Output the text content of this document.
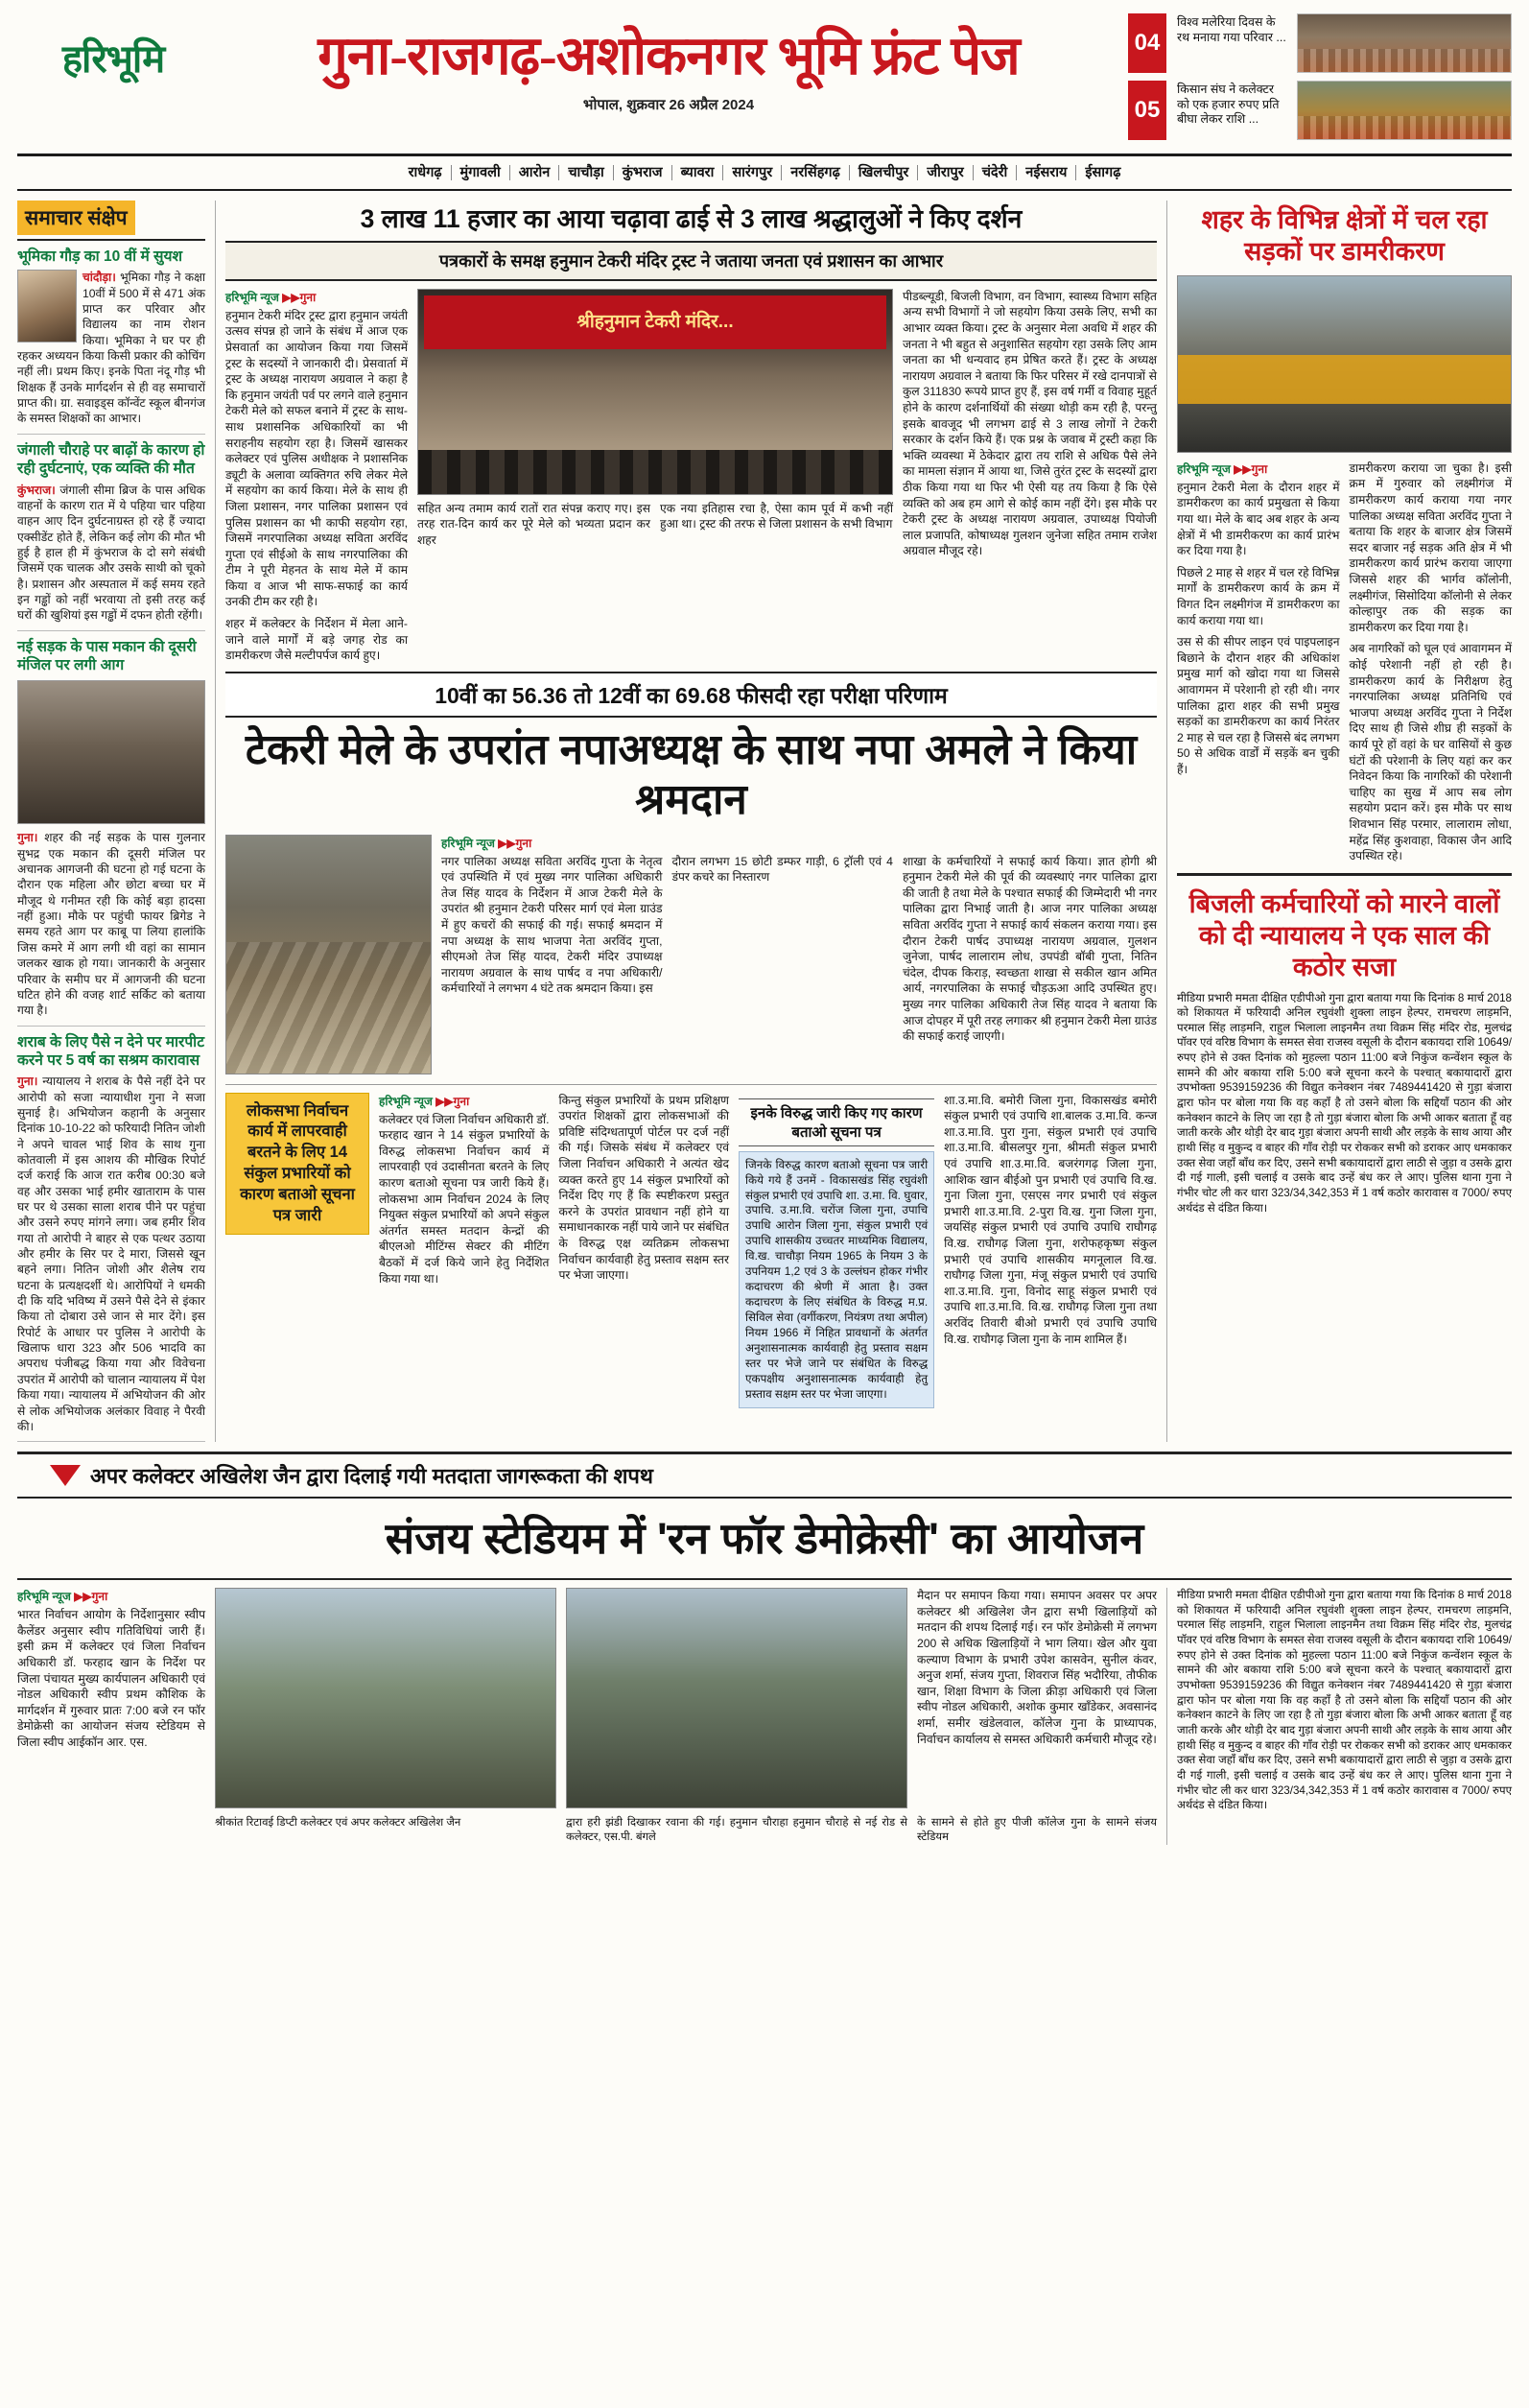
हरिभूमि	गुना-राजगढ़-अशोकनगर भूमि फ्रंट पेज
भोपाल, शुक्रवार 26 अप्रैल 2024
04
विश्व मलेरिया दिवस के रथ मनाया गया परिवार ...
05
किसान संघ ने कलेक्टर को एक हजार रुपए प्रति बीघा लेकर राशि ...
राधेगढ़ मुंगावली आरोन चाचौड़ा कुंभराज ब्यावरा सारंगपुर नरसिंहगढ़ खिलचीपुर जीरापुर चंदेरी नईसराय ईसागढ़
समाचार संक्षेप
भूमिका गौड़ का 10 वीं में सुयश

चांदौड़ा। भूमिका गौड़ ने कक्षा 10वीं में 500 में से 471 अंक प्राप्त कर परिवार और विद्यालय का नाम रोशन किया। भूमिका ने घर पर ही रहकर अध्ययन किया किसी प्रकार की कोचिंग नहीं ली। प्रथम किए। इनके पिता नंदू गौड़ भी शिक्षक हैं उनके मार्गदर्शन से ही वह समाचारों प्राप्त की। ग्रा. सवाइड्स कॉन्वेंट स्कूल बीनगंज के समस्त शिक्षकों का आभार।

जंगाली चौराहे पर बाढ़ों के कारण हो रही दुर्घटनाएं, एक व्यक्ति की मौत

कुंभराज। जंगाली सीमा ब्रिज के पास अधिक वाहनों के कारण रात में ये पहिया चार पहिया वाहन आए दिन दुर्घटनाग्रस्त हो रहे हैं ज्यादा एक्सीडेंट होते हैं, लेकिन कई लोग की मौत भी हुई है हाल ही में कुंभराज के दो सगे संबंधी जिसमें एक चालक और उसके साथी को चूको है। प्रशासन और अस्पताल में कई समय रहते इन गड्ढों को नहीं भरवाया तो इसी तरह कई घरों की खुशियां इस गड्ढों में दफन होती रहेंगी।

नई सड़क के पास मकान की दूसरी मंजिल पर लगी आग

गुना। शहर की नई सड़क के पास गुलनार सुभद्र एक मकान की दूसरी मंजिल पर अचानक आगजनी की घटना हो गई घटना के दौरान एक महिला और छोटा बच्चा घर में मौजूद थे गनीमत रही कि कोई बड़ा हादसा नहीं हुआ। मौके पर पहुंची फायर ब्रिगेड ने समय रहते आग पर काबू पा लिया हालांकि जिस कमरे में आग लगी थी वहां का सामान जलकर खाक हो गया। जानकारी के अनुसार परिवार के समीप घर में आगजनी की घटना घटित होने की वजह शार्ट सर्किट को बताया गया है।

शराब के लिए पैसे न देने पर मारपीट करने पर 5 वर्ष का सश्रम कारावास

गुना। न्यायालय ने शराब के पैसे नहीं देने पर आरोपी को सजा न्यायाधीश गुना ने सजा सुनाई है। अभियोजन कहानी के अनुसार दिनांक 10-10-22 को फरियादी नितिन जोशी ने अपने चावल भाई शिव के साथ गुना कोतवाली में इस आशय की मौखिक रिपोर्ट दर्ज कराई कि आज रात करीब 00:30 बजे वह और उसका भाई हमीर खाताराम के पास घर पर थे उसका साला शराब पीने पर पहुंचा और उसने रुपए मांगने लगा। जब हमीर शिव गया तो आरोपी ने बाहर से एक पत्थर उठाया और हमीर के सिर पर दे मारा, जिससे खून बहने लगा। नितिन जोशी और शैलेष राय घटना के प्रत्यक्षदर्शी थे। आरोपियों ने धमकी दी कि यदि भविष्य में उसने पैसे देने से इंकार किया तो दोबारा उसे जान से मार देंगे। इस रिपोर्ट के आधार पर पुलिस ने आरोपी के खिलाफ धारा 323 और 506 भादवि का अपराध पंजीबद्ध किया गया और विवेचना उपरांत में आरोपी को चालान न्यायालय में पेश किया गया। न्यायालय में अभियोजन की ओर से लोक अभियोजक अलंकार विवाह ने पैरवी की।

3 लाख 11 हजार का आया चढ़ावा ढाई से 3 लाख श्रद्धालुओं ने किए दर्शन
पत्रकारों के समक्ष हनुमान टेकरी मंदिर ट्रस्ट ने जताया जनता एवं प्रशासन का आभार
हरिभूमि न्यूज ▶▶गुना
हनुमान टेकरी मंदिर ट्रस्ट द्वारा हनुमान जयंती उत्सव संपन्न हो जाने के संबंध में आज एक प्रेसवार्ता का आयोजन किया गया जिसमें ट्रस्ट के सदस्यों ने जानकारी दी। प्रेसवार्ता में ट्रस्ट के अध्यक्ष नारायण अग्रवाल ने कहा है कि हनुमान जयंती पर्व पर लगने वाले हनुमान टेकरी मेले को सफल बनाने में ट्रस्ट के साथ-साथ प्रशासनिक अधिकारियों का भी सराहनीय सहयोग रहा है। जिसमें खासकर कलेक्टर एवं पुलिस अधीक्षक ने प्रशासनिक ड्यूटी के अलावा व्यक्तिगत रुचि लेकर मेले में सहयोग का कार्य किया। मेले के साथ ही जिला प्रशासन, नगर पालिका प्रशासन एवं पुलिस प्रशासन का भी काफी सहयोग रहा, जिसमें नगरपालिका अध्यक्ष सविता अरविंद गुप्ता एवं सीईओ के साथ नगरपालिका की टीम ने पूरी मेहनत के साथ मेले में काम किया व आज भी साफ-सफाई का कार्य उनकी टीम कर रही है।
शहर में कलेक्टर के निर्देशन में मेला आने-जाने वाले मार्गों में बड़े जगह रोड का डामरीकरण जैसे मल्टीपर्पज कार्य हुए।
श्रीहनुमान टेकरी मंदिर...
सहित अन्य तमाम कार्य रातों रात संपन्न कराए गए। इस तरह रात-दिन कार्य कर पूरे मेले को भव्यता प्रदान कर शहर
एक नया इतिहास रचा है, ऐसा काम पूर्व में कभी नहीं हुआ था। ट्रस्ट की तरफ से जिला प्रशासन के सभी विभाग
पीडब्ल्यूडी, बिजली विभाग, वन विभाग, स्वास्थ्य विभाग सहित अन्य सभी विभागों ने जो सहयोग किया उसके लिए, सभी का आभार व्यक्त किया। ट्रस्ट के अनुसार मेला अवधि में शहर की जनता ने भी बहुत से अनुशासित सहयोग रहा उसके लिए आम जनता का भी धन्यवाद हम प्रेषित करते हैं। ट्रस्ट के अध्यक्ष नारायण अग्रवाल ने बताया कि फिर परिसर में रखे दानपात्रों से कुल 311830 रूपये प्राप्त हुए हैं, इस वर्ष गर्मी व विवाह मुहूर्त होने के कारण दर्शनार्थियों की संख्या थोड़ी कम रही है, परन्तु इसके बावजूद भी लगभग ढाई से 3 लाख लोगों ने टेकरी सरकार के दर्शन किये हैं। एक प्रश्न के जवाब में ट्रस्टी कहा कि भक्ति व्यवस्था में ठेकेदार द्वारा तय राशि से अधिक पैसे लेने का मामला संज्ञान में आया था, जिसे तुरंत ट्रस्ट के सदस्यों द्वारा ठीक किया गया था फिर भी ऐसी यह तय किया है कि ऐसे व्यक्ति को अब हम आगे से कोई काम नहीं देंगे। इस मौके पर टेकरी ट्रस्ट के अध्यक्ष नारायण अग्रवाल, उपाध्यक्ष पियोजी लाल प्रजापति, कोषाध्यक्ष गुलशन जुनेजा सहित तमाम राजेश अग्रवाल मौजूद रहे।
10वीं का 56.36 तो 12वीं का 69.68 फीसदी रहा परीक्षा परिणाम
टेकरी मेले के उपरांत नपाअध्यक्ष के साथ नपा अमले ने किया श्रमदान
हरिभूमि न्यूज ▶▶गुना
नगर पालिका अध्यक्ष सविता अरविंद गुप्ता के नेतृत्व एवं उपस्थिति में एवं मुख्य नगर पालिका अधिकारी तेज सिंह यादव के निर्देशन में आज टेकरी मेले के उपरांत श्री हनुमान टेकरी परिसर मार्ग एवं मेला ग्राउंड में हुए कचरों की सफाई की गई। सफाई श्रमदान में नपा अध्यक्ष के साथ भाजपा नेता अरविंद गुप्ता, सीएमओ तेज सिंह यादव, टेकरी मंदिर उपाध्यक्ष नारायण अग्रवाल के साथ पार्षद व नपा अधिकारी/कर्मचारियों ने लगभग 4 घंटे तक श्रमदान किया। इस
दौरान लगभग 15 छोटी डम्फर गाड़ी, 6 ट्रॉली एवं 4 डंपर कचरे का निस्तारण
शाखा के कर्मचारियों ने सफाई कार्य किया। ज्ञात होगी श्री हनुमान टेकरी मेले की पूर्व की व्यवस्थाएं नगर पालिका द्वारा की जाती है तथा मेले के पश्चात सफाई की जिम्मेदारी भी नगर पालिका द्वारा निभाई जाती है। आज नगर पालिका अध्यक्ष सविता अरविंद गुप्ता ने सफाई कार्य संकलन कराया गया। इस दौरान टेकरी पार्षद उपाध्यक्ष नारायण अग्रवाल, गुलशन जुनेजा, पार्षद लालाराम लोध, उपपंडी बॉबी गुप्ता, नितिन चंदेल, दीपक किराड़, स्वच्छता शाखा से सकील खान अमित आर्य, नगरपालिका के सफाई चौड़ऊआ आदि उपस्थित हुए। मुख्य नगर पालिका अधिकारी तेज सिंह यादव ने बताया कि आज दोपहर में पूरी तरह लगाकर श्री हनुमान टेकरी मेला ग्राउंड की सफाई कराई जाएगी।
लोकसभा निर्वाचन कार्य में लापरवाही बरतने के लिए 14 संकुल प्रभारियों को कारण बताओ सूचना पत्र जारी
हरिभूमि न्यूज ▶▶गुना
कलेक्टर एवं जिला निर्वाचन अधिकारी डॉ. फरहाद खान ने 14 संकुल प्रभारियों के विरुद्ध लोकसभा निर्वाचन कार्य में लापरवाही एवं उदासीनता बरतने के लिए कारण बताओ सूचना पत्र जारी किये हैं। लोकसभा आम निर्वाचन 2024 के लिए नियुक्त संकुल प्रभारियों को अपने संकुल अंतर्गत समस्त मतदान केन्द्रों की बीएलओ मीटिंग्स सेक्टर की मीटिंग बैठकों में दर्ज किये जाने हेतु निर्देशित किया गया था।
किन्तु संकुल प्रभारियों के प्रथम प्रशिक्षण उपरांत शिक्षकों द्वारा लोकसभाओं की प्रविष्टि संदिग्धतापूर्ण पोर्टल पर दर्ज नहीं की गई। जिसके संबंध में कलेक्टर एवं जिला निर्वाचन अधिकारी ने अत्यंत खेद व्यक्त करते हुए 14 संकुल प्रभारियों को निर्देश दिए गए हैं कि स्पष्टीकरण प्रस्तुत करने के उपरांत प्रावधान नहीं होने या समाधानकारक नहीं पाये जाने पर संबंधित के विरुद्ध एक्ष व्यतिक्रम लोकसभा निर्वाचन कार्यवाही हेतु प्रस्ताव सक्षम स्तर पर भेजा जाएगा।
इनके विरुद्ध जारी किए गए कारण बताओ सूचना पत्र
जिनके विरुद्ध कारण बताओ सूचना पत्र जारी किये गये हैं उनमें - विकासखंड सिंह रघुवंशी संकुल प्रभारी एवं उपाचि शा. उ.मा. वि. घुवार, उपाचि. उ.मा.वि. चरोंज जिला गुना, उपाचि उपाधि आरोन जिला गुना, संकुल प्रभारी एवं उपाचि शासकीय उच्चतर माध्यमिक विद्यालय, वि.ख. चाचौड़ा नियम 1965 के नियम 3 के उपनियम 1,2 एवं 3 के उल्लंघन होकर गंभीर कदाचरण की श्रेणी में आता है। उक्त कदाचरण के लिए संबंधित के विरुद्ध म.प्र. सिविल सेवा (वर्गीकरण, नियंत्रण तथा अपील) नियम 1966 में निहित प्रावधानों के अंतर्गत अनुशासनात्मक कार्यवाही हेतु प्रस्ताव सक्षम स्तर पर भेजे जाने पर संबंधित के विरुद्ध एकपक्षीय अनुशासनात्मक कार्यवाही हेतु प्रस्ताव सक्षम स्तर पर भेजा जाएगा।
शा.उ.मा.वि. बमोरी जिला गुना, विकासखंड बमोरी संकुल प्रभारी एवं उपाचि शा.बालक उ.मा.वि. कन्ज शा.उ.मा.वि. पुरा गुना, संकुल प्रभारी एवं उपाचि शा.उ.मा.वि. बीसलपुर गुना, श्रीमती संकुल प्रभारी एवं उपाचि शा.उ.मा.वि. बजरंगगढ़ जिला गुना, आशिक खान बीईओ पुन प्रभारी एवं उपाचि वि.ख. गुना जिला गुना, एसएस नगर प्रभारी एवं संकुल प्रभारी शा.उ.मा.वि. 2-पुरा वि.ख. गुना जिला गुना, जयसिंह संकुल प्रभारी एवं उपाचि उपाधि राघौगढ़ वि.ख. राघौगढ़ जिला गुना, शरोफहकृष्ण संकुल प्रभारी एवं उपाचि शासकीय मगनूलाल वि.ख. राघौगढ़ जिला गुना, मंजू संकुल प्रभारी एवं उपाधि शा.उ.मा.वि. गुना, विनोद साहू संकुल प्रभारी एवं उपाचि शा.उ.मा.वि. वि.ख. राघौगढ़ जिला गुना तथा अरविंद तिवारी बीओ प्रभारी एवं उपाचि उपाधि वि.ख. राघौगढ़ जिला गुना के नाम शामिल हैं।
शहर के विभिन्न क्षेत्रों में चल रहा सड़कों पर डामरीकरण
हरिभूमि न्यूज ▶▶गुना
हनुमान टेकरी मेला के दौरान शहर में डामरीकरण का कार्य प्रमुखता से किया गया था। मेले के बाद अब शहर के अन्य क्षेत्रों में भी डामरीकरण का कार्य प्रारंभ कर दिया गया है।
पिछले 2 माह से शहर में चल रहे विभिन्न मार्गों के डामरीकरण कार्य के क्रम में विगत दिन लक्ष्मीगंज में डामरीकरण का कार्य कराया गया था।
उस से की सीपर लाइन एवं पाइपलाइन बिछाने के दौरान शहर की अधिकांश प्रमुख मार्ग को खोदा गया था जिससे आवागमन में परेशानी हो रही थी। नगर पालिका द्वारा शहर की सभी प्रमुख सड़कों का डामरीकरण का कार्य निरंतर 2 माह से चल रहा है जिससे बंद लगभग 50 से अधिक वार्डों में सड़कें बन चुकी हैं।
डामरीकरण कराया जा चुका है। इसी क्रम में गुरुवार को लक्ष्मीगंज में डामरीकरण कार्य कराया गया नगर पालिका अध्यक्ष सविता अरविंद गुप्ता ने बताया कि शहर के बाजार क्षेत्र जिसमें सदर बाजार नई सड़क अति क्षेत्र में भी डामरीकरण कार्य प्रारंभ कराया जाएगा जिससे शहर की भार्गव कॉलोनी, लक्ष्मीगंज, सिसोदिया कॉलोनी से लेकर कोल्हापुर तक की सड़क का डामरीकरण कर दिया गया है।
अब नागरिकों को घूल एवं आवागमन में कोई परेशानी नहीं हो रही है। डामरीकरण कार्य के निरीक्षण हेतु नगरपालिका अध्यक्ष प्रतिनिधि एवं भाजपा अध्यक्ष अरविंद गुप्ता ने निर्देश दिए साथ ही जिसे शीघ्र ही सड़कों के कार्य पूरे हों वहां के घर वासियों से कुछ घंटों की परेशानी के लिए यहां कर कर निवेदन किया कि नागरिकों की परेशानी चाहिए का सुख में आप सब लोग सहयोग प्रदान करें। इस मौके पर साथ शिवभान सिंह परमार, लालाराम लोधा, महेंद्र सिंह कुशवाहा, विकास जैन आदि उपस्थित रहे।
बिजली कर्मचारियों को मारने वालों को दी न्यायालय ने एक साल की कठोर सजा
मीडिया प्रभारी ममता दीक्षित एडीपीओ गुना द्वारा बताया गया कि दिनांक 8 मार्च 2018 को शिकायत में फरियादी अनिल रघुवंशी शुक्ला लाइन हेल्पर, रामचरण लाड़मनि, परमाल सिंह लाड़मनि, राहुल भिलाला लाइनमैन तथा विक्रम सिंह मंदिर रोड, मुलचंद्र पॉवर एवं वरिष्ठ विभाग के समस्त सेवा राजस्व वसूली के दौरान बकायदा राशि 10649/ रुपए होने से उक्त दिनांक को मुहल्ला पठान 11:00 बजे निकुंज कन्वेंशन स्कूल के सामने की ओर बकाया राशि 5:00 बजे सूचना करने के पश्चात् बकायादारों द्वारा उपभोक्ता 9539159236 की विद्युत कनेक्शन नंबर 7489441420 से गुड़ा बंजारा द्वारा फोन पर बोला गया कि वह कहाँ है तो उसने बोला कि सद्दियाँ पठान की ओर कनेक्शन काटने के लिए जा रहा है तो गुड़ा बंजारा बोला कि अभी आकर बताता हूँ वह जाती करके और थोड़ी देर बाद गुड़ा बंजारा अपनी साथी और लड़के के साथ आया और हाथी सिंह व मुकुन्द व बाहर की गाँव रोड़ी पर रोककर सभी को डराकर आए धमकाकर उक्त सेवा जहाँ बाँध कर दिए, उसने सभी बकायादारों द्वारा लाठी से जुड़ा व उसके द्वारा दी गई गाली, इसी चलाई व उसके बाद उन्हें बंध कर ले आए। पुलिस थाना गुना ने गंभीर चोट ली कर धारा 323/34,342,353 में 1 वर्ष कठोर कारावास व 7000/ रुपए अर्थदंड से दंडित किया।
अपर कलेक्टर अखिलेश जैन द्वारा दिलाई गयी मतदाता जागरूकता की शपथ
संजय स्टेडियम में 'रन फॉर डेमोक्रेसी' का आयोजन
हरिभूमि न्यूज ▶▶गुना
भारत निर्वाचन आयोग के निर्देशानुसार स्वीप कैलेंडर अनुसार स्वीप गतिविधियां जारी हैं। इसी क्रम में कलेक्टर एवं जिला निर्वाचन अधिकारी डॉ. फरहाद खान के निर्देश पर जिला पंचायत मुख्य कार्यपालन अधिकारी एवं नोडल अधिकारी स्वीप प्रथम कौशिक के मार्गदर्शन में गुरुवार प्रातः 7:00 बजे रन फॉर डेमोक्रेसी का आयोजन संजय स्टेडियम से जिला स्वीप आईकॉन आर. एस.
मैदान पर समापन किया गया। समापन अवसर पर अपर कलेक्टर श्री अखिलेश जैन द्वारा सभी खिलाड़ियों को मतदान की शपथ दिलाई गई। रन फॉर डेमोक्रेसी में लगभग 200 से अधिक खिलाड़ियों ने भाग लिया। खेल और युवा कल्याण विभाग के प्रभारी उपेश कासवेन, सुनील कंवर, अनुज शर्मा, संजय गुप्ता, शिवराज सिंह भदौरिया, तौफीक खान, शिक्षा विभाग के जिला क्रीड़ा अधिकारी एवं जिला स्वीप नोडल अधिकारी, अशोक कुमार खाँडेकर, अवसानंद शर्मा, समीर खंडेलवाल, कॉलेज गुना के प्राध्यापक, निर्वाचन कार्यालय से समस्त अधिकारी कर्मचारी मौजूद रहे।
श्रीकांत रिटावई डिप्टी कलेक्टर एवं अपर कलेक्टर अखिलेश जैन	द्वारा हरी झंडी दिखाकर रवाना की गई। हनुमान चौराहा हनुमान चौराहे से नई रोड से कलेक्टर, एस.पी. बंगले
के सामने से होते हुए पीजी कॉलेज गुना के सामने संजय स्टेडियम
मीडिया प्रभारी ममता दीक्षित एडीपीओ गुना द्वारा बताया गया कि दिनांक 8 मार्च 2018 को शिकायत में फरियादी अनिल रघुवंशी शुक्ला लाइन हेल्पर, रामचरण लाड़मनि, परमाल सिंह लाड़मनि, राहुल भिलाला लाइनमैन तथा विक्रम सिंह मंदिर रोड, मुलचंद्र पॉवर एवं वरिष्ठ विभाग के समस्त सेवा राजस्व वसूली के दौरान बकायदा राशि 10649/ रुपए होने से उक्त दिनांक को मुहल्ला पठान 11:00 बजे निकुंज कन्वेंशन स्कूल के सामने की ओर बकाया राशि 5:00 बजे सूचना करने के पश्चात् बकायादारों द्वारा उपभोक्ता 9539159236 की विद्युत कनेक्शन नंबर 7489441420 से गुड़ा बंजारा द्वारा फोन पर बोला गया कि वह कहाँ है तो उसने बोला कि सद्दियाँ पठान की ओर कनेक्शन काटने के लिए जा रहा है तो गुड़ा बंजारा बोला कि अभी आकर बताता हूँ वह जाती करके और थोड़ी देर बाद गुड़ा बंजारा अपनी साथी और लड़के के साथ आया और हाथी सिंह व मुकुन्द व बाहर की गाँव रोड़ी पर रोककर सभी को डराकर आए धमकाकर उक्त सेवा जहाँ बाँध कर दिए, उसने सभी बकायादारों द्वारा लाठी से जुड़ा व उसके द्वारा दी गई गाली, इसी चलाई व उसके बाद उन्हें बंध कर ले आए। पुलिस थाना गुना ने गंभीर चोट ली कर धारा 323/34,342,353 में 1 वर्ष कठोर कारावास व 7000/ रुपए अर्थदंड से दंडित किया।
